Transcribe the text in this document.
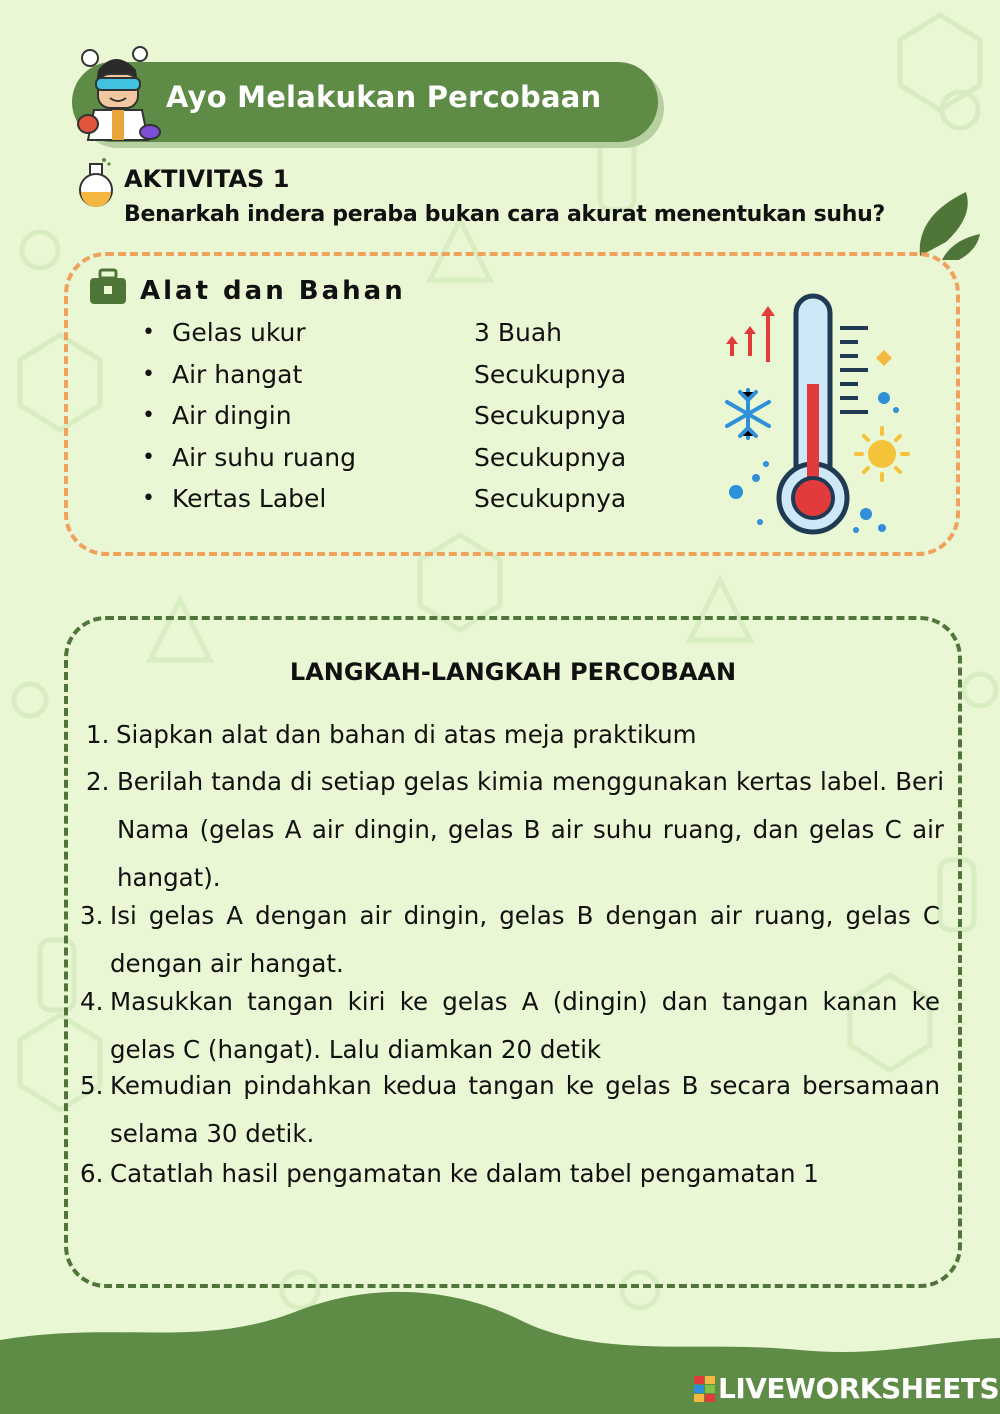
Ayo Melakukan Percobaan
AKTIVITAS 1
Benarkah indera peraba bukan cara akurat menentukan suhu?
Alat dan Bahan
• Gelas ukur	3 Buah
• Air hangat	Secukupnya
• Air dingin	Secukupnya
• Air suhu ruang	Secukupnya
• Kertas Label	Secukupnya
LANGKAH-LANGKAH PERCOBAAN
1. Siapkan alat dan bahan di atas meja praktikum
2. Berilah tanda di setiap gelas kimia menggunakan kertas label. Beri Nama (gelas A air dingin, gelas B air suhu ruang, dan gelas C air hangat).
3. Isi gelas A dengan air dingin, gelas B dengan air ruang, gelas C dengan air hangat.
4. Masukkan tangan kiri ke gelas A (dingin) dan tangan kanan ke gelas C (hangat). Lalu diamkan 20 detik
5. Kemudian pindahkan kedua tangan ke gelas B secara bersamaan selama 30 detik.
6. Catatlah hasil pengamatan ke dalam tabel pengamatan 1
LIVEWORKSHEETS
